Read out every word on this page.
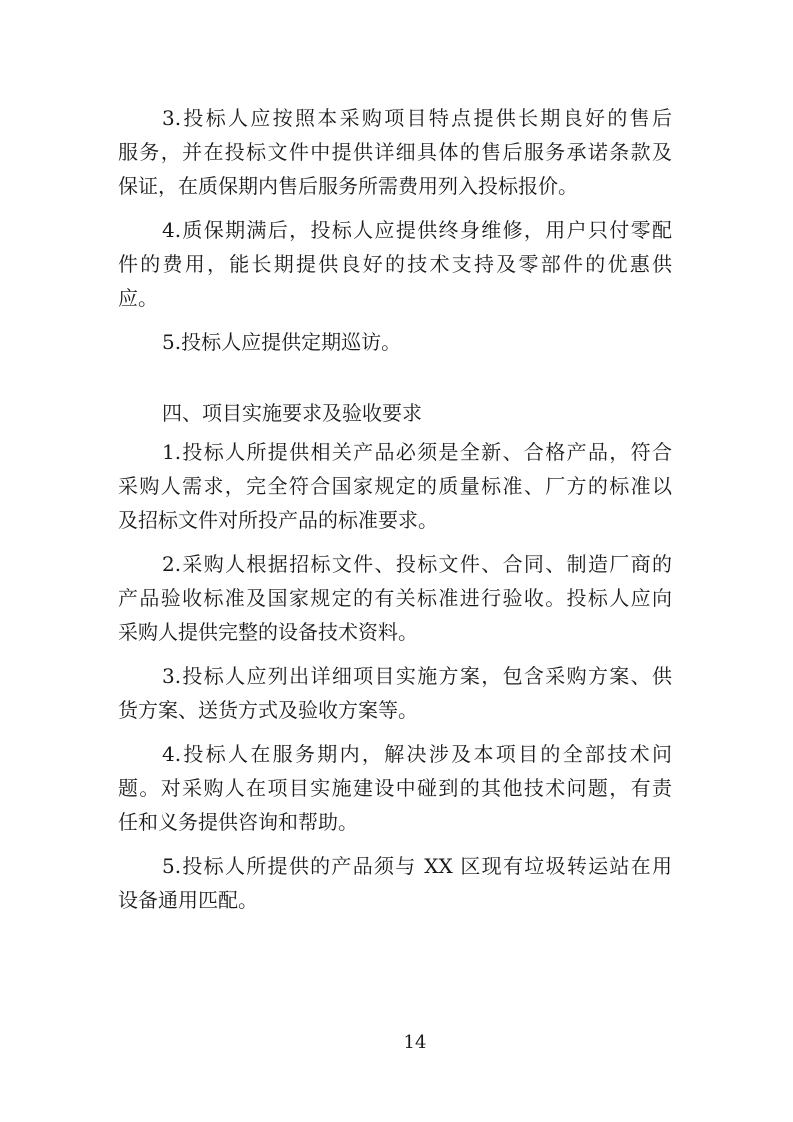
3.投标人应按照本采购项目特点提供长期良好的售后
服务，并在投标文件中提供详细具体的售后服务承诺条款及
保证，在质保期内售后服务所需费用列入投标报价。
4.质保期满后，投标人应提供终身维修，用户只付零配
件的费用，能长期提供良好的技术支持及零部件的优惠供
应。
5.投标人应提供定期巡访。
四、项目实施要求及验收要求
1.投标人所提供相关产品必须是全新、合格产品，符合
采购人需求，完全符合国家规定的质量标准、厂方的标准以
及招标文件对所投产品的标准要求。
2.采购人根据招标文件、投标文件、合同、制造厂商的
产品验收标准及国家规定的有关标准进行验收。投标人应向
采购人提供完整的设备技术资料。
3.投标人应列出详细项目实施方案，包含采购方案、供
货方案、送货方式及验收方案等。
4.投标人在服务期内，解决涉及本项目的全部技术问
题。对采购人在项目实施建设中碰到的其他技术问题，有责
任和义务提供咨询和帮助。
5.投标人所提供的产品须与 XX 区现有垃圾转运站在用
设备通用匹配。
14
